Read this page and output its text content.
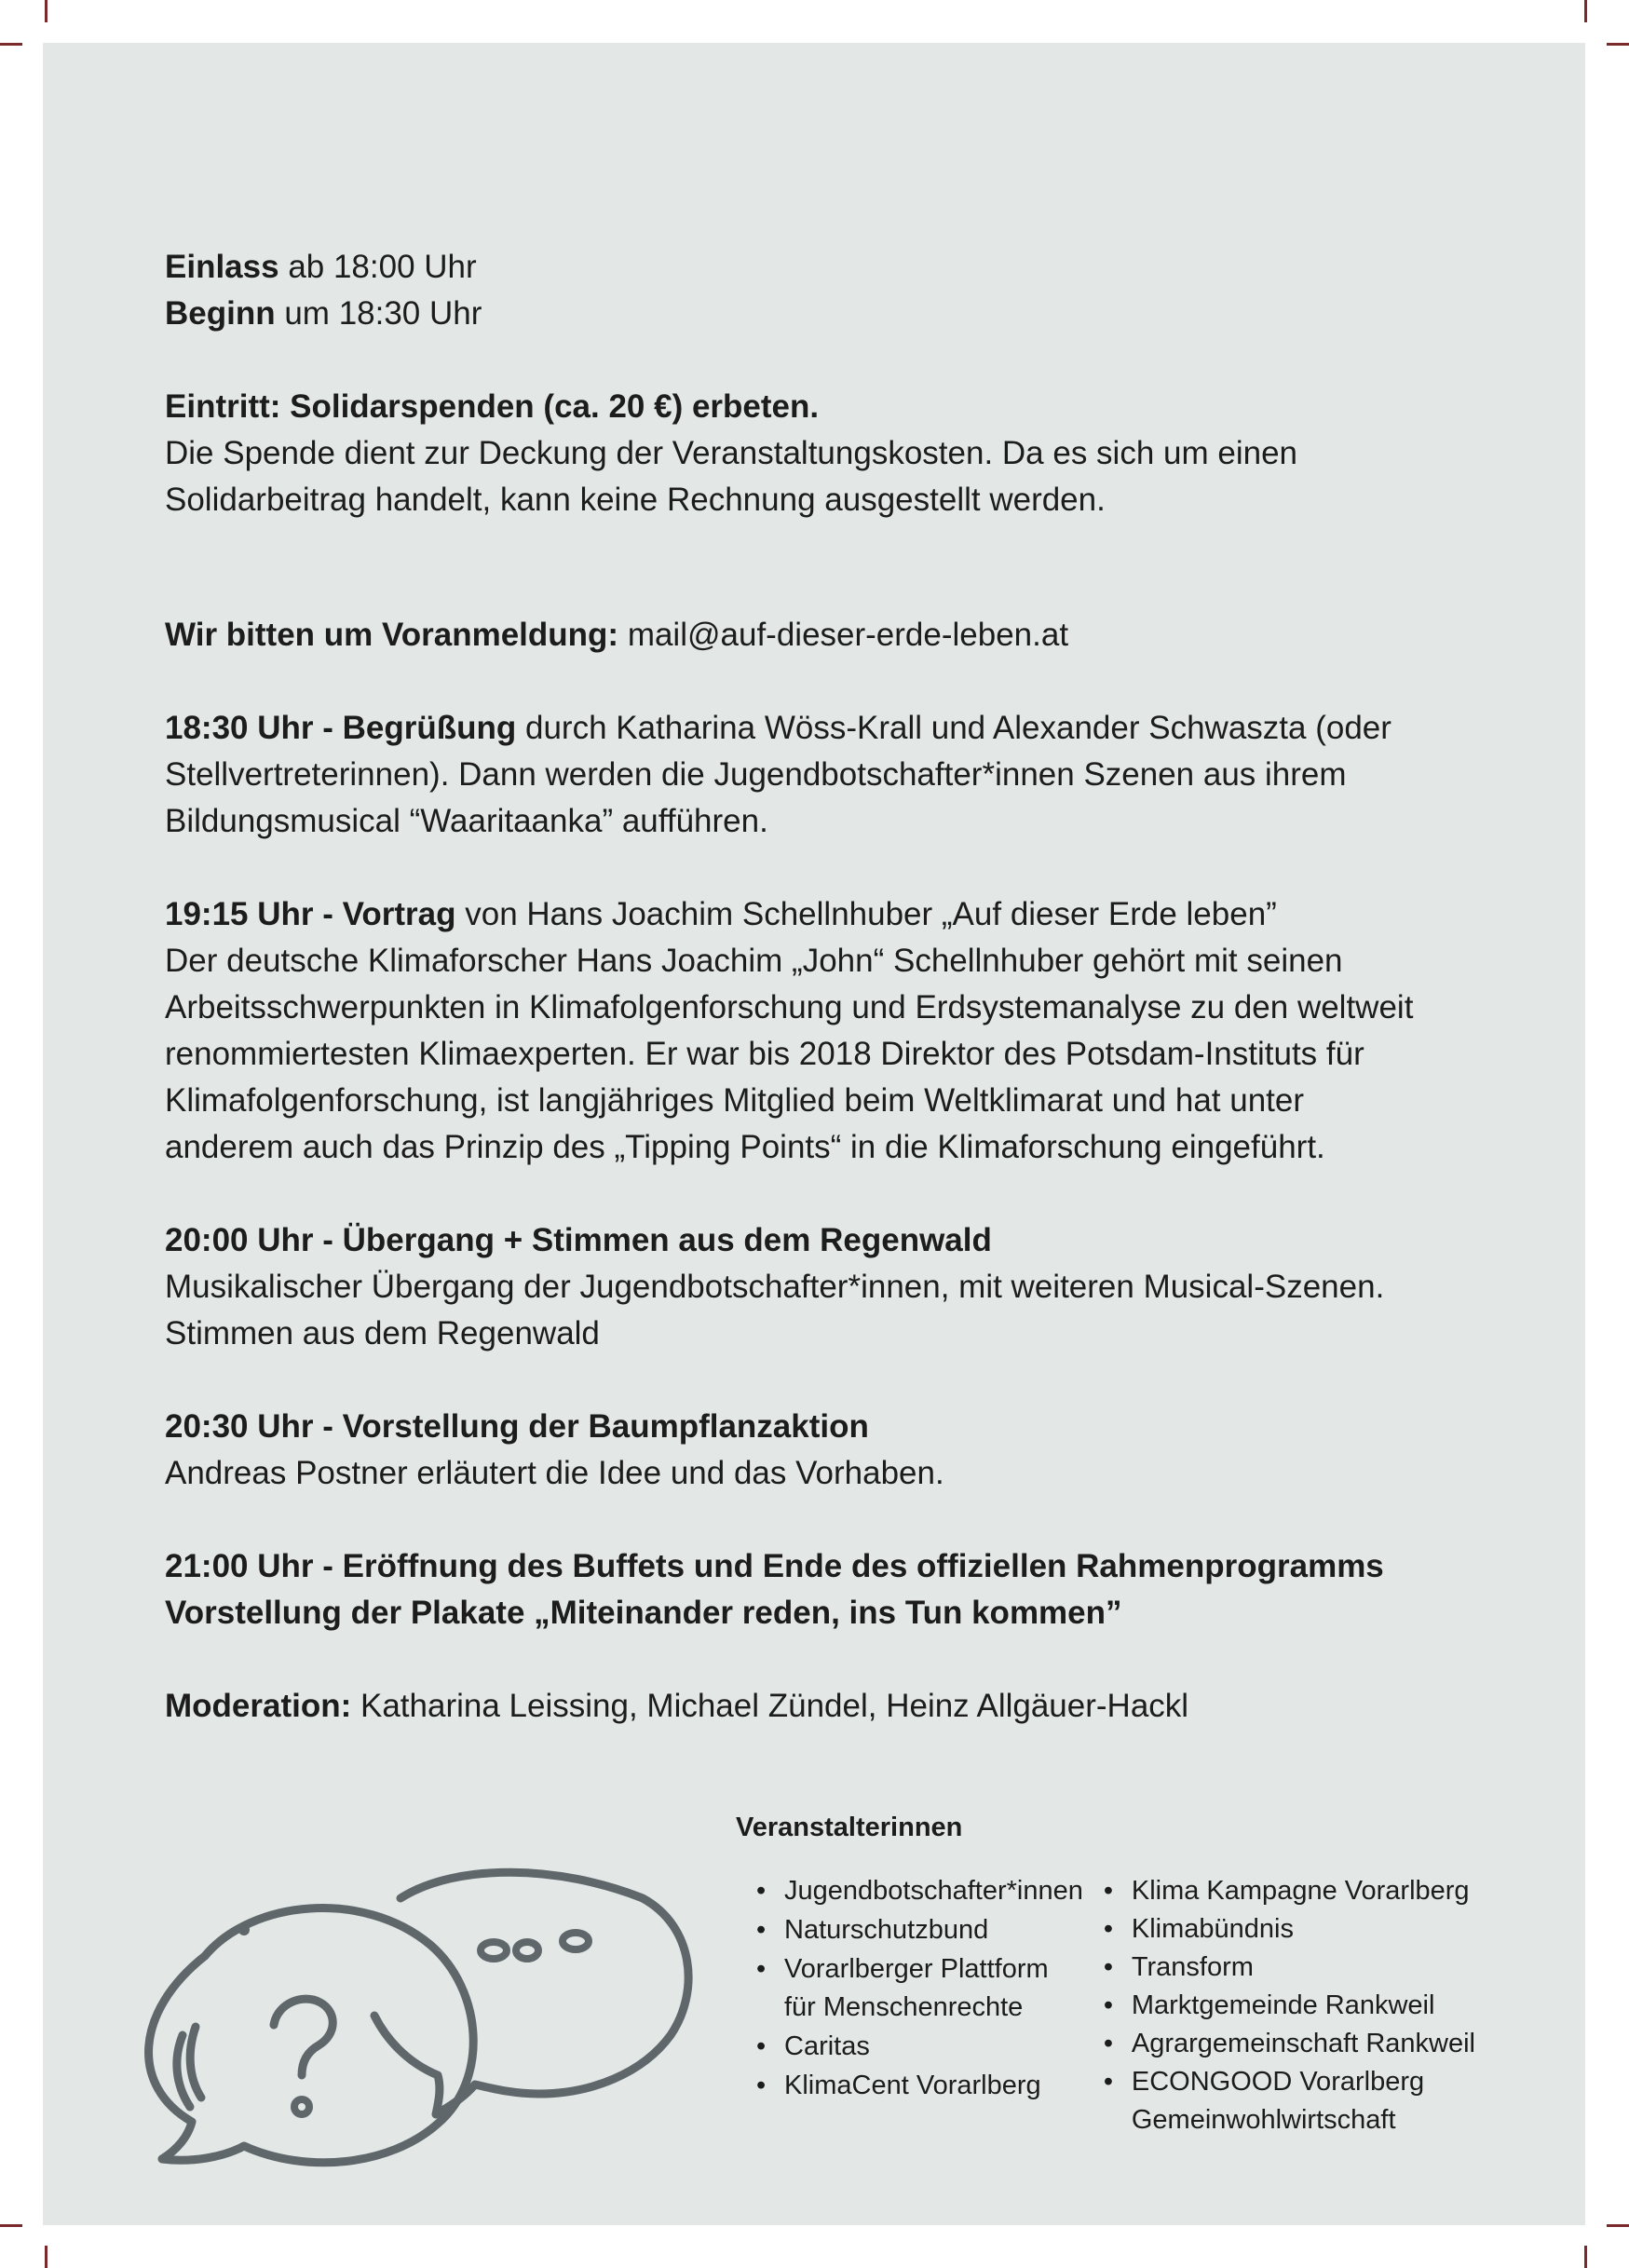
Einlass ab 18:00 Uhr

Beginn um 18:30 Uhr

Eintritt: Solidarspenden (ca. 20 €) erbeten.

Die Spende dient zur Deckung der Veranstaltungskosten. Da es sich um einen

Solidarbeitrag handelt, kann keine Rechnung ausgestellt werden.

Wir bitten um Voranmeldung: mail@auf-dieser-erde-leben.at

18:30 Uhr - Begrüßung durch Katharina Wöss-Krall und Alexander Schwaszta (oder

Stellvertreterinnen). Dann werden die Jugendbotschafter*innen Szenen aus ihrem

Bildungsmusical “Waaritaanka” aufführen.

19:15 Uhr - Vortrag von Hans Joachim Schellnhuber „Auf dieser Erde leben”

Der deutsche Klimaforscher Hans Joachim „John“ Schellnhuber gehört mit seinen

Arbeitsschwerpunkten in Klimafolgenforschung und Erdsystemanalyse zu den weltweit

renommiertesten Klimaexperten. Er war bis 2018 Direktor des Potsdam-Instituts für

Klimafolgenforschung, ist langjähriges Mitglied beim Weltklimarat und hat unter

anderem auch das Prinzip des „Tipping Points“ in die Klimaforschung eingeführt.

20:00 Uhr - Übergang + Stimmen aus dem Regenwald

Musikalischer Übergang der Jugendbotschafter*innen, mit weiteren Musical-Szenen.

Stimmen aus dem Regenwald

20:30 Uhr - Vorstellung der Baumpflanzaktion

Andreas Postner erläutert die Idee und das Vorhaben.

21:00 Uhr - Eröffnung des Buffets und Ende des offiziellen Rahmenprogramms

Vorstellung der Plakate „Miteinander reden, ins Tun kommen”

Moderation: Katharina Leissing, Michael Zündel, Heinz Allgäuer-Hackl

Veranstalterinnen

• Jugendbotschafter*innen
• Naturschutzbund
• Vorarlberger Plattform für Menschenrechte
• Caritas
• KlimaCent Vorarlberg
• Klima Kampagne Vorarlberg
• Klimabündnis
• Transform
• Marktgemeinde Rankweil
• Agrargemeinschaft Rankweil
• ECONGOOD Vorarlberg Gemeinwohlwirtschaft
